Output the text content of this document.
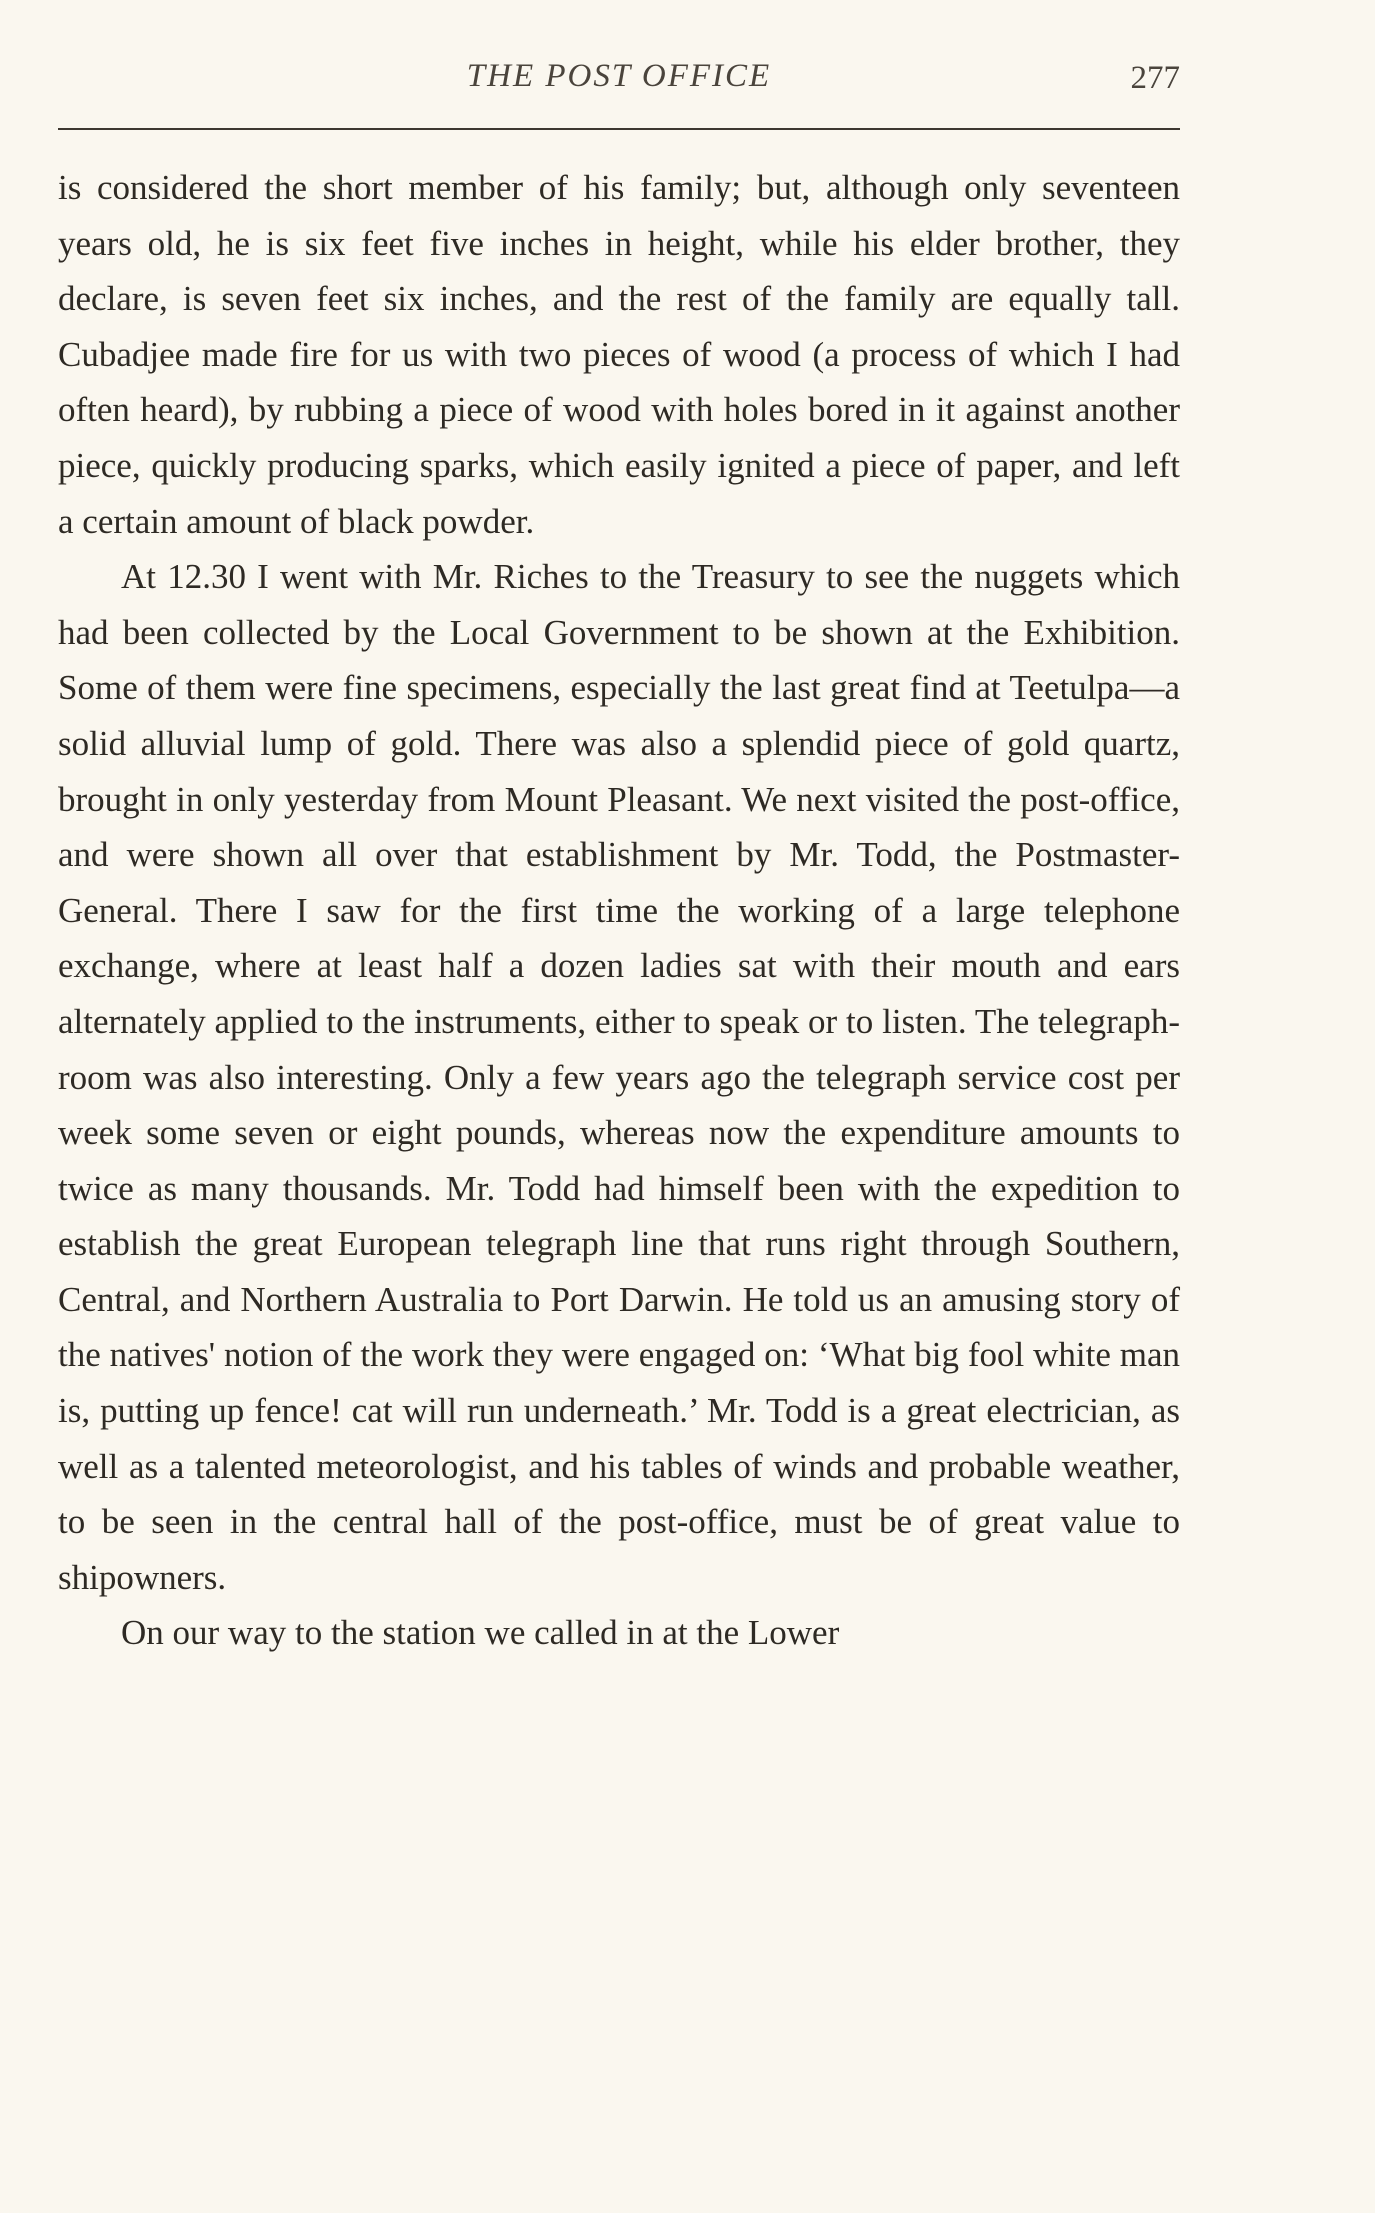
THE POST OFFICE	277

is considered the short member of his family; but, although only seventeen years old, he is six feet five inches in height, while his elder brother, they declare, is seven feet six inches, and the rest of the family are equally tall. Cubadjee made fire for us with two pieces of wood (a process of which I had often heard), by rubbing a piece of wood with holes bored in it against another piece, quickly producing sparks, which easily ignited a piece of paper, and left a certain amount of black powder.

At 12.30 I went with Mr. Riches to the Treasury to see the nuggets which had been collected by the Local Government to be shown at the Exhibition. Some of them were fine specimens, especially the last great find at Teetulpa—a solid alluvial lump of gold. There was also a splendid piece of gold quartz, brought in only yesterday from Mount Pleasant. We next visited the post-office, and were shown all over that establishment by Mr. Todd, the Postmaster-General. There I saw for the first time the working of a large telephone exchange, where at least half a dozen ladies sat with their mouth and ears alternately applied to the instruments, either to speak or to listen. The telegraph-room was also interesting. Only a few years ago the telegraph service cost per week some seven or eight pounds, whereas now the expenditure amounts to twice as many thousands. Mr. Todd had himself been with the expedition to establish the great European telegraph line that runs right through Southern, Central, and Northern Australia to Port Darwin. He told us an amusing story of the natives' notion of the work they were engaged on: ‘What big fool white man is, putting up fence! cat will run underneath.’ Mr. Todd is a great electrician, as well as a talented meteorologist, and his tables of winds and probable weather, to be seen in the central hall of the post-office, must be of great value to shipowners.

On our way to the station we called in at the Lower
